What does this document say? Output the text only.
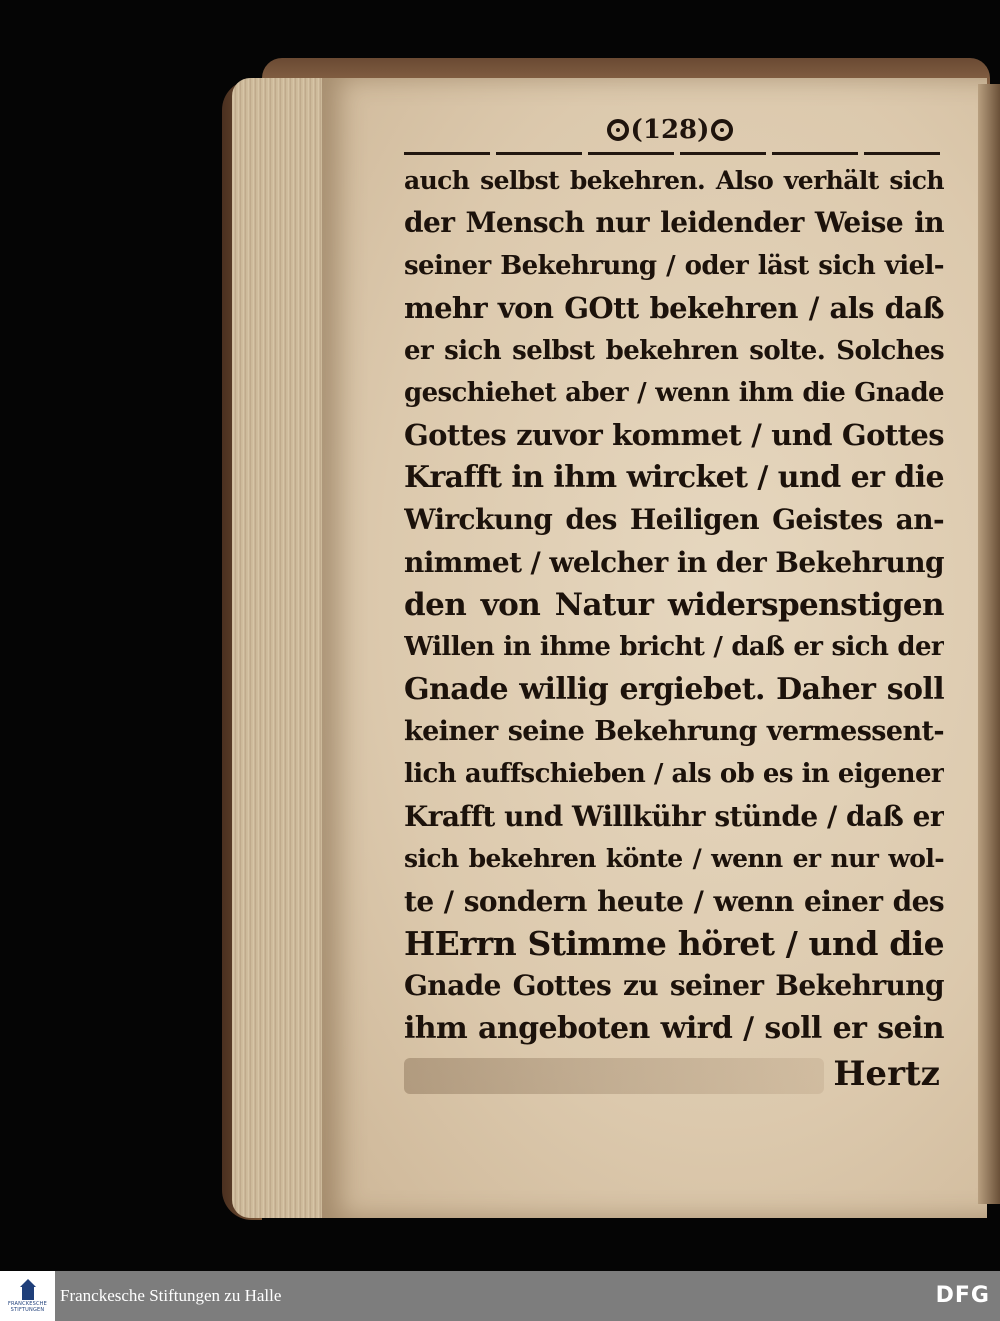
(128)
auch selbst bekehren. Also verhält sich
der Mensch nur leidender Weise in
seiner Bekehrung / oder läst sich viel-
mehr von GOtt bekehren / als daß
er sich selbst bekehren solte. Solches
geschiehet aber / wenn ihm die Gnade
Gottes zuvor kommet / und Gottes
Krafft in ihm wircket / und er die
Wirckung des Heiligen Geistes an-
nimmet / welcher in der Bekehrung
den von Natur widerspenstigen
Willen in ihme bricht / daß er sich der
Gnade willig ergiebet. Daher soll
keiner seine Bekehrung vermessent-
lich auffschieben / als ob es in eigener
Krafft und Willkühr stünde / daß er
sich bekehren könte / wenn er nur wol-
te / sondern heute / wenn einer des
HErrn Stimme höret / und die
Gnade Gottes zu seiner Bekehrung
ihm angeboten wird / soll er sein
Hertz
FRANCKESCHE
STIFTUNGEN
Franckesche Stiftungen zu Halle	DFG
